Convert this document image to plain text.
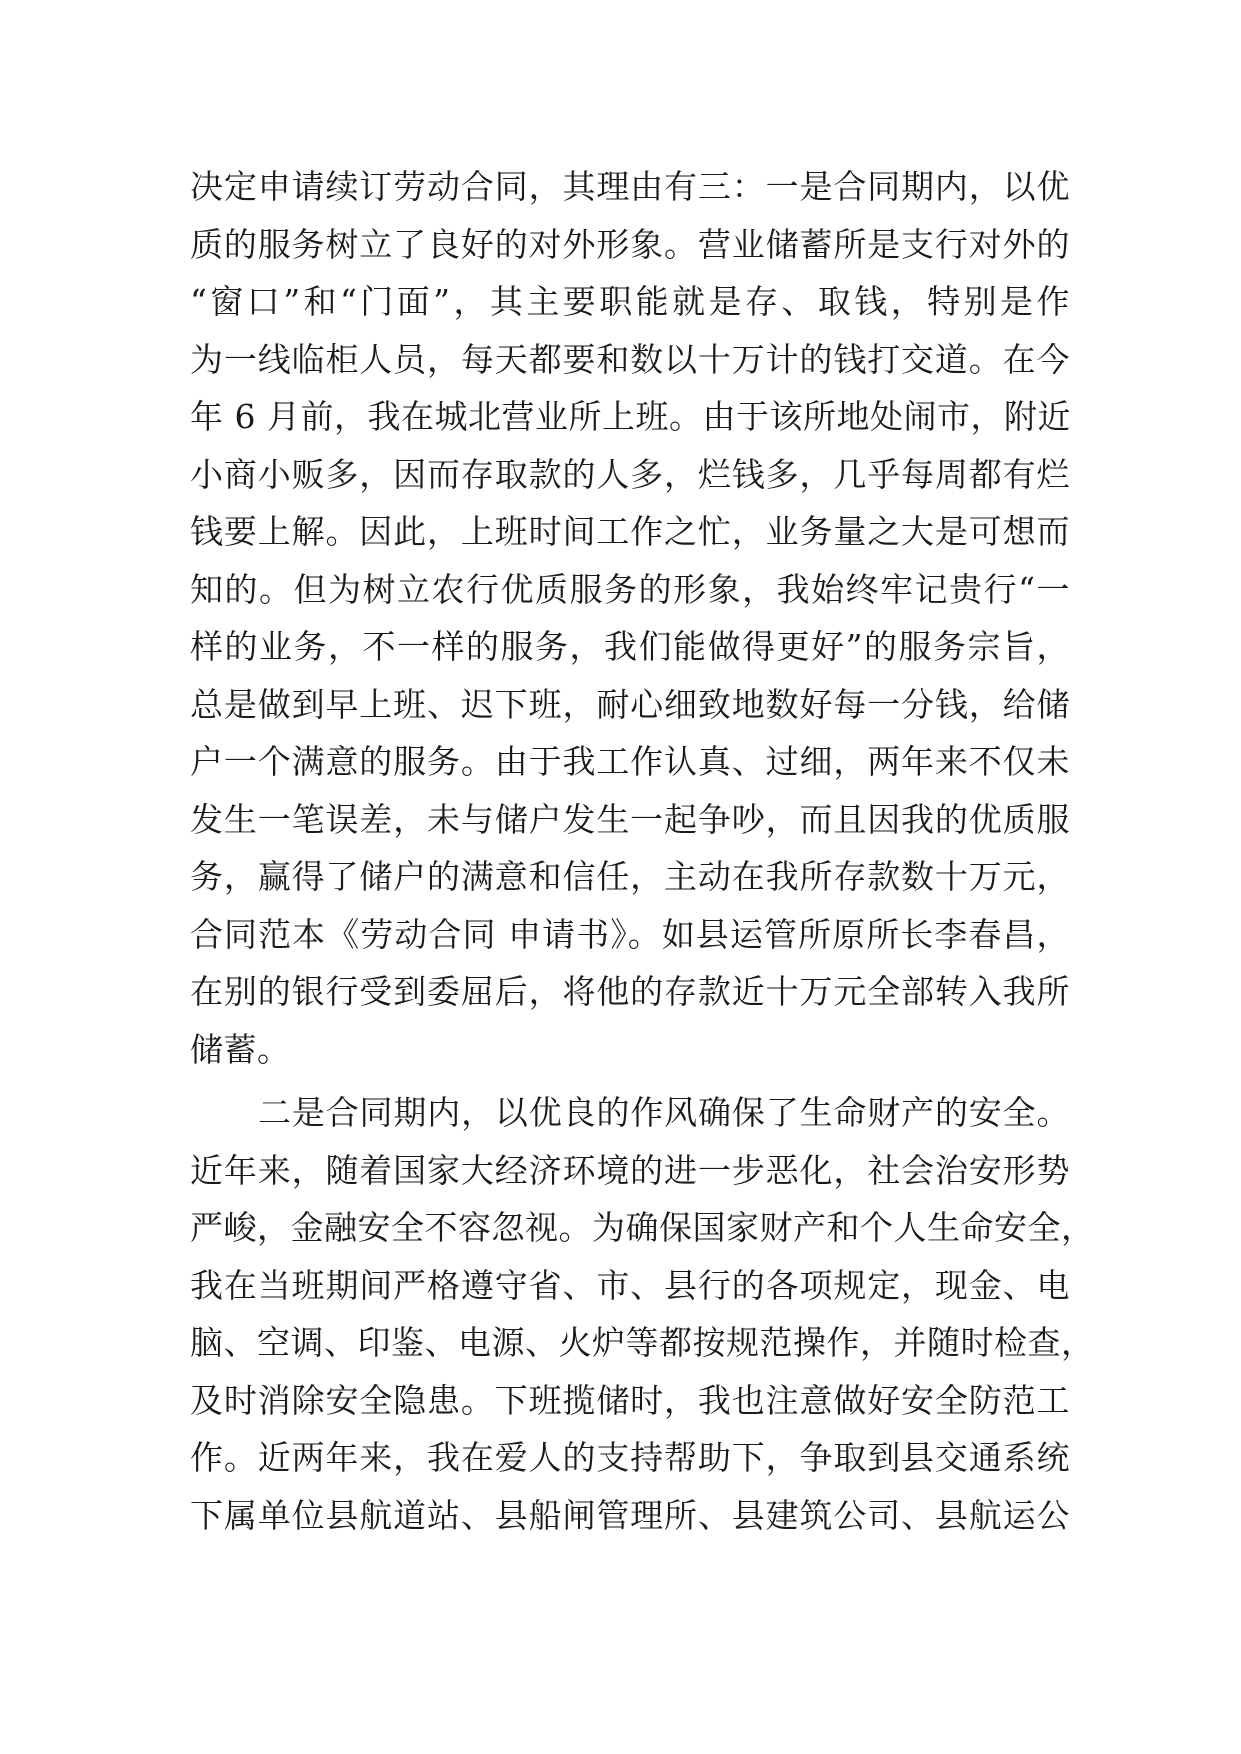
决定申请续订劳动合同，其理由有三：一是合同期内，以优
质的服务树立了良好的对外形象。营业储蓄所是支行对外的
“窗口”和“门面”，其主要职能就是存、取钱，特别是作
为一线临柜人员，每天都要和数以十万计的钱打交道。在今
年 6 月前，我在城北营业所上班。由于该所地处闹市，附近
小商小贩多，因而存取款的人多，烂钱多，几乎每周都有烂
钱要上解。因此，上班时间工作之忙，业务量之大是可想而
知的。但为树立农行优质服务的形象，我始终牢记贵行“一
样的业务，不一样的服务，我们能做得更好”的服务宗旨，
总是做到早上班、迟下班，耐心细致地数好每一分钱，给储
户一个满意的服务。由于我工作认真、过细，两年来不仅未
发生一笔误差，未与储户发生一起争吵，而且因我的优质服
务，赢得了储户的满意和信任，主动在我所存款数十万元，
合同范本《劳动合同 申请书》。如县运管所原所长李春昌，
在别的银行受到委屈后，将他的存款近十万元全部转入我所
储蓄。
二是合同期内，以优良的作风确保了生命财产的安全。
近年来，随着国家大经济环境的进一步恶化，社会治安形势
严峻，金融安全不容忽视。为确保国家财产和个人生命安全，
我在当班期间严格遵守省、市、县行的各项规定，现金、电
脑、空调、印鉴、电源、火炉等都按规范操作，并随时检查，
及时消除安全隐患。下班揽储时，我也注意做好安全防范工
作。近两年来，我在爱人的支持帮助下，争取到县交通系统
下属单位县航道站、县船闸管理所、县建筑公司、县航运公
